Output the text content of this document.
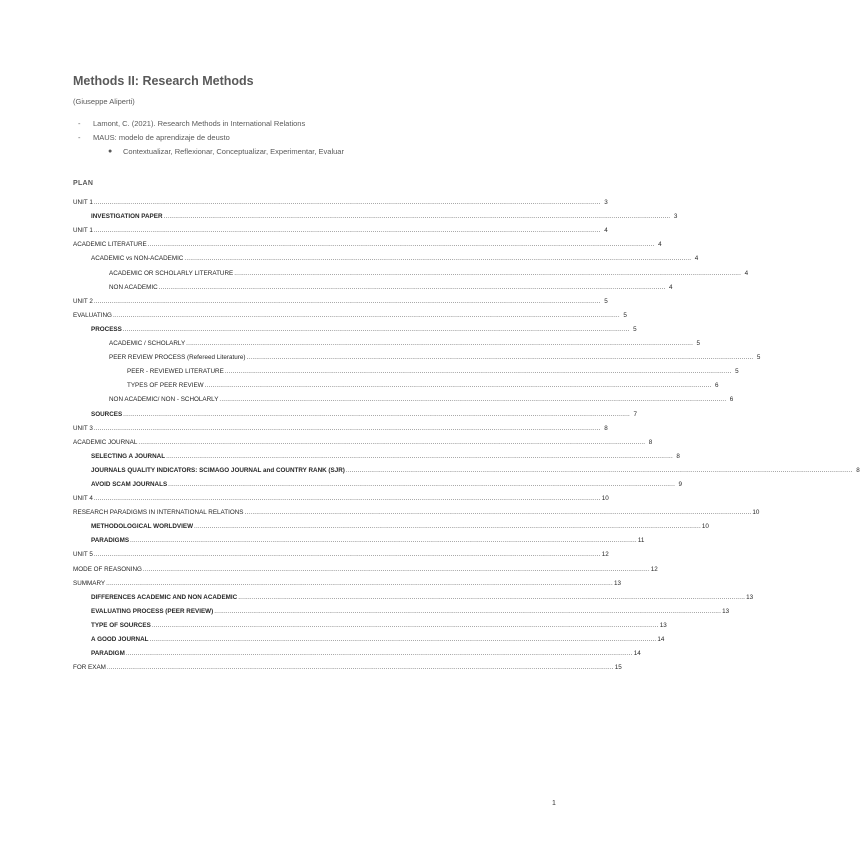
Methods II: Research Methods
(Giuseppe Aliperti)
- Lamont, C. (2021). Research Methods in International Relations
- MAUS: modelo de aprendizaje de deusto
● Contextualizar, Reflexionar, Conceptualizar, Experimentar, Evaluar
PLAN
UNIT 1 .................................................................................................................................................................................................................................................................... 3
INVESTIGATION PAPER .................................................................................................................................................................................................................................................................... 3
UNIT 1 .................................................................................................................................................................................................................................................................... 4
ACADEMIC LITERATURE .................................................................................................................................................................................................................................................................... 4
ACADEMIC vs NON-ACADEMIC .................................................................................................................................................................................................................................................................... 4
ACADEMIC OR SCHOLARLY LITERATURE .................................................................................................................................................................................................................................................................... 4
NON ACADEMIC .................................................................................................................................................................................................................................................................... 4
UNIT 2 .................................................................................................................................................................................................................................................................... 5
EVALUATING .................................................................................................................................................................................................................................................................... 5
PROCESS .................................................................................................................................................................................................................................................................... 5
ACADEMIC / SCHOLARLY .................................................................................................................................................................................................................................................................... 5
PEER REVIEW PROCESS (Refereed Literature) .................................................................................................................................................................................................................................................................... 5
PEER - REVIEWED LITERATURE .................................................................................................................................................................................................................................................................... 5
TYPES OF PEER REVIEW .................................................................................................................................................................................................................................................................... 6
NON ACADEMIC/ NON - SCHOLARLY .................................................................................................................................................................................................................................................................... 6
SOURCES .................................................................................................................................................................................................................................................................... 7
UNIT 3 .................................................................................................................................................................................................................................................................... 8
ACADEMIC JOURNAL .................................................................................................................................................................................................................................................................... 8
SELECTING A JOURNAL .................................................................................................................................................................................................................................................................... 8
JOURNALS QUALITY INDICATORS: SCIMAGO JOURNAL and COUNTRY RANK (SJR) .................................................................................................................................................................................................................................................................... 8
AVOID SCAM JOURNALS .................................................................................................................................................................................................................................................................... 9
UNIT 4 .................................................................................................................................................................................................................................................................... 10
RESEARCH PARADIGMS IN INTERNATIONAL RELATIONS .................................................................................................................................................................................................................................................................... 10
METHODOLOGICAL WORLDVIEW .................................................................................................................................................................................................................................................................... 10
PARADIGMS .................................................................................................................................................................................................................................................................... 11
UNIT 5 .................................................................................................................................................................................................................................................................... 12
MODE OF REASONING .................................................................................................................................................................................................................................................................... 12
SUMMARY .................................................................................................................................................................................................................................................................... 13
DIFFERENCES ACADEMIC AND NON ACADEMIC .................................................................................................................................................................................................................................................................... 13
EVALUATING PROCESS (PEER REVIEW) .................................................................................................................................................................................................................................................................... 13
TYPE OF SOURCES .................................................................................................................................................................................................................................................................... 13
A GOOD JOURNAL .................................................................................................................................................................................................................................................................... 14
PARADIGM .................................................................................................................................................................................................................................................................... 14
FOR EXAM .................................................................................................................................................................................................................................................................... 15
1
